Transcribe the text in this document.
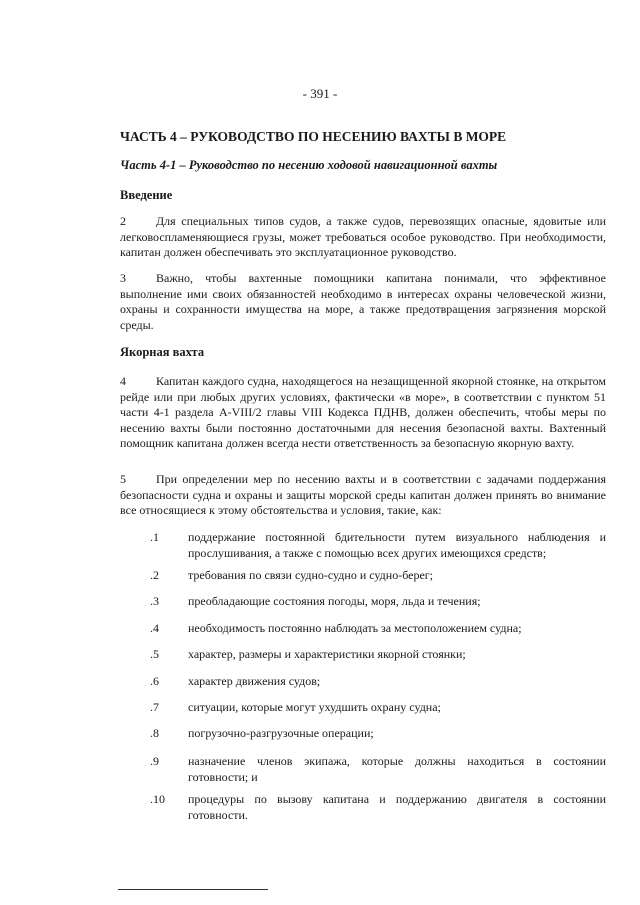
- 391 -
ЧАСТЬ 4 – РУКОВОДСТВО ПО НЕСЕНИЮ ВАХТЫ В МОРЕ
Часть 4-1 – Руководство по несению ходовой навигационной вахты
Введение
2	Для специальных типов судов, а также судов, перевозящих опасные, ядовитые или легковоспламеняющиеся грузы, может требоваться особое руководство. При необходимости, капитан должен обеспечивать это эксплуатационное руководство.
3	Важно, чтобы вахтенные помощники капитана понимали, что эффективное выполнение ими своих обязанностей необходимо в интересах охраны человеческой жизни, охраны и сохранности имущества на море, а также предотвращения загрязнения морской среды.
Якорная вахта
4	Капитан каждого судна, находящегося на незащищенной якорной стоянке, на открытом рейде или при любых других условиях, фактически «в море», в соответствии с пунктом 51 части 4-1 раздела A-VIII/2 главы VIII Кодекса ПДНВ, должен обеспечить, чтобы меры по несению вахты были постоянно достаточными для несения безопасной вахты. Вахтенный помощник капитана должен всегда нести ответственность за безопасную якорную вахту.
5	При определении мер по несению вахты и в соответствии с задачами поддержания безопасности судна и охраны и защиты морской среды капитан должен принять во внимание все относящиеся к этому обстоятельства и условия, такие, как:
.1 поддержание постоянной бдительности путем визуального наблюдения и прослушивания, а также с помощью всех других имеющихся средств;
.2 требования по связи судно-судно и судно-берег;
.3 преобладающие состояния погоды, моря, льда и течения;
.4 необходимость постоянно наблюдать за местоположением судна;
.5 характер, размеры и характеристики якорной стоянки;
.6 характер движения судов;
.7 ситуации, которые могут ухудшить охрану судна;
.8 погрузочно-разгрузочные операции;
.9 назначение членов экипажа, которые должны находиться в состоянии готовности; и
.10 процедуры по вызову капитана и поддержанию двигателя в состоянии готовности.
